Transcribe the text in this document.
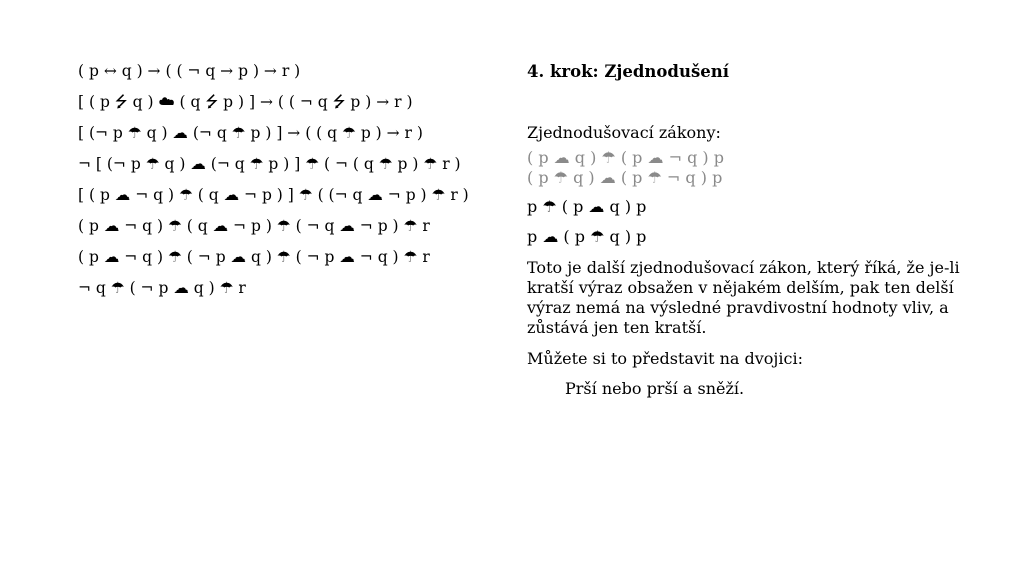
( p ↔ q ) → ( ( ¬ q → p ) → r )
[ ( p ⭍ q ) ☁ ( q ⭍ p ) ] → ( ( ¬ q ⭍ p ) → r )
[ (¬ p ☂ q ) ☁ (¬ q ☂ p ) ] → ( ( q ☂ p ) → r )
¬ [ (¬ p ☂ q ) ☁ (¬ q ☂ p ) ] ☂ ( ¬ ( q ☂ p ) ☂ r )
[ ( p ☁ ¬ q ) ☂ ( q ☁ ¬ p ) ] ☂ ( (¬ q ☁ ¬ p ) ☂ r )
( p ☁ ¬ q ) ☂ ( q ☁ ¬ p ) ☂ ( ¬ q ☁ ¬ p ) ☂ r
( p ☁ ¬ q ) ☂ ( ¬ p ☁ q ) ☂ ( ¬ p ☁ ¬ q ) ☂ r
¬ q ☂ ( ¬ p ☁ q ) ☂ r
4. krok: Zjednodušení
Zjednodušovací zákony:
( p ☁ q ) ☂ ( p ☁ ¬ q ) p
( p ☂ q ) ☁ ( p ☂ ¬ q ) p
p ☂ ( p ☁ q ) p
p ☁ ( p ☂ q ) p
Toto je další zjednodušovací zákon, který říká, že je-li kratší výraz obsažen v nějakém delším, pak ten delší výraz nemá na výsledné pravdivostní hodnoty vliv, a zůstává jen ten kratší.
Můžete si to představit na dvojici:
Prší nebo prší a sněží.
